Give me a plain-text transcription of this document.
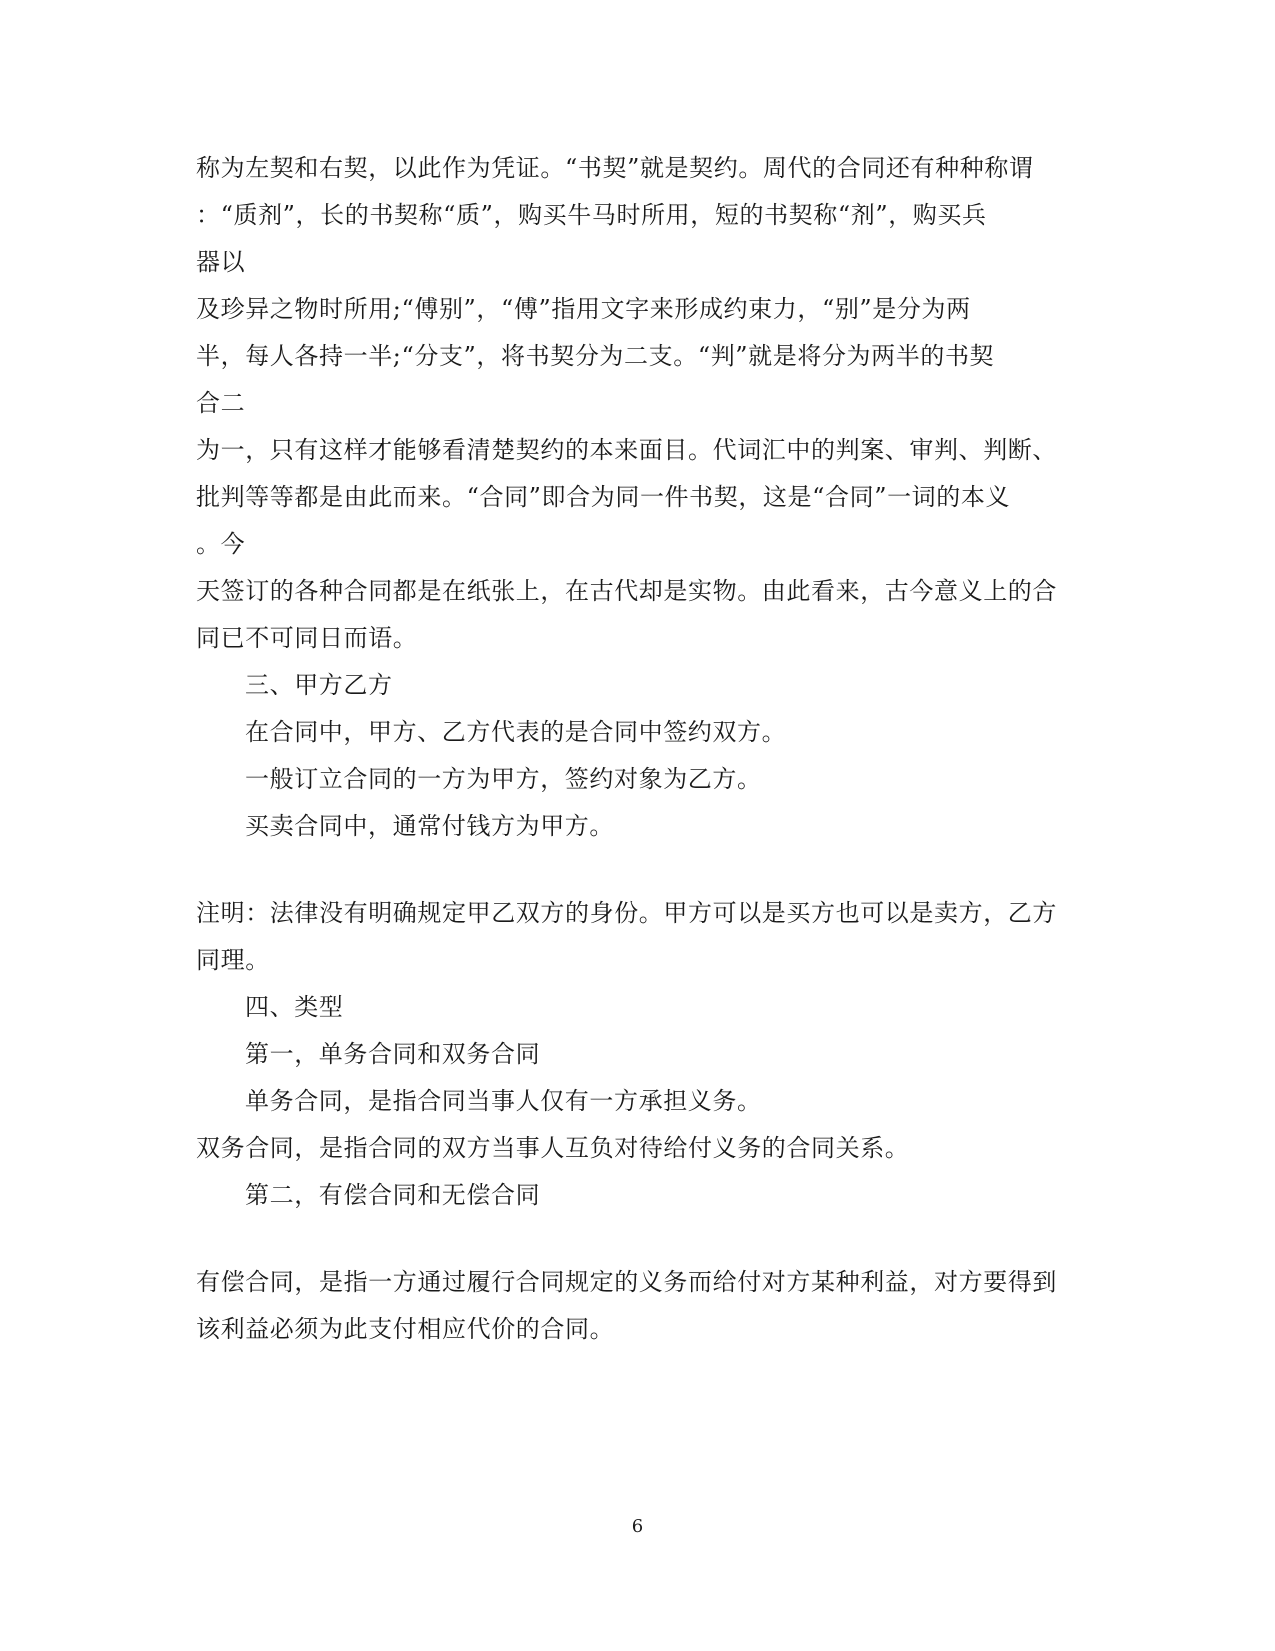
称为左契和右契，以此作为凭证。“书契”就是契约。周代的合同还有种种称谓
：“质剂”，长的书契称“质”，购买牛马时所用，短的书契称“剂”，购买兵
器以
及珍异之物时所用;“傅别”，“傅”指用文字来形成约束力，“别”是分为两
半，每人各持一半;“分支”，将书契分为二支。“判”就是将分为两半的书契
合二
为一，只有这样才能够看清楚契约的本来面目。代词汇中的判案、审判、判断、
批判等等都是由此而来。“合同”即合为同一件书契，这是“合同”一词的本义
。今
天签订的各种合同都是在纸张上，在古代却是实物。由此看来，古今意义上的合
同已不可同日而语。
三、甲方乙方
在合同中，甲方、乙方代表的是合同中签约双方。
一般订立合同的一方为甲方，签约对象为乙方。
买卖合同中，通常付钱方为甲方。
注明：法律没有明确规定甲乙双方的身份。甲方可以是买方也可以是卖方，乙方
同理。
四、类型
第一，单务合同和双务合同
单务合同，是指合同当事人仅有一方承担义务。
双务合同，是指合同的双方当事人互负对待给付义务的合同关系。
第二，有偿合同和无偿合同
有偿合同，是指一方通过履行合同规定的义务而给付对方某种利益，对方要得到
该利益必须为此支付相应代价的合同。
6
